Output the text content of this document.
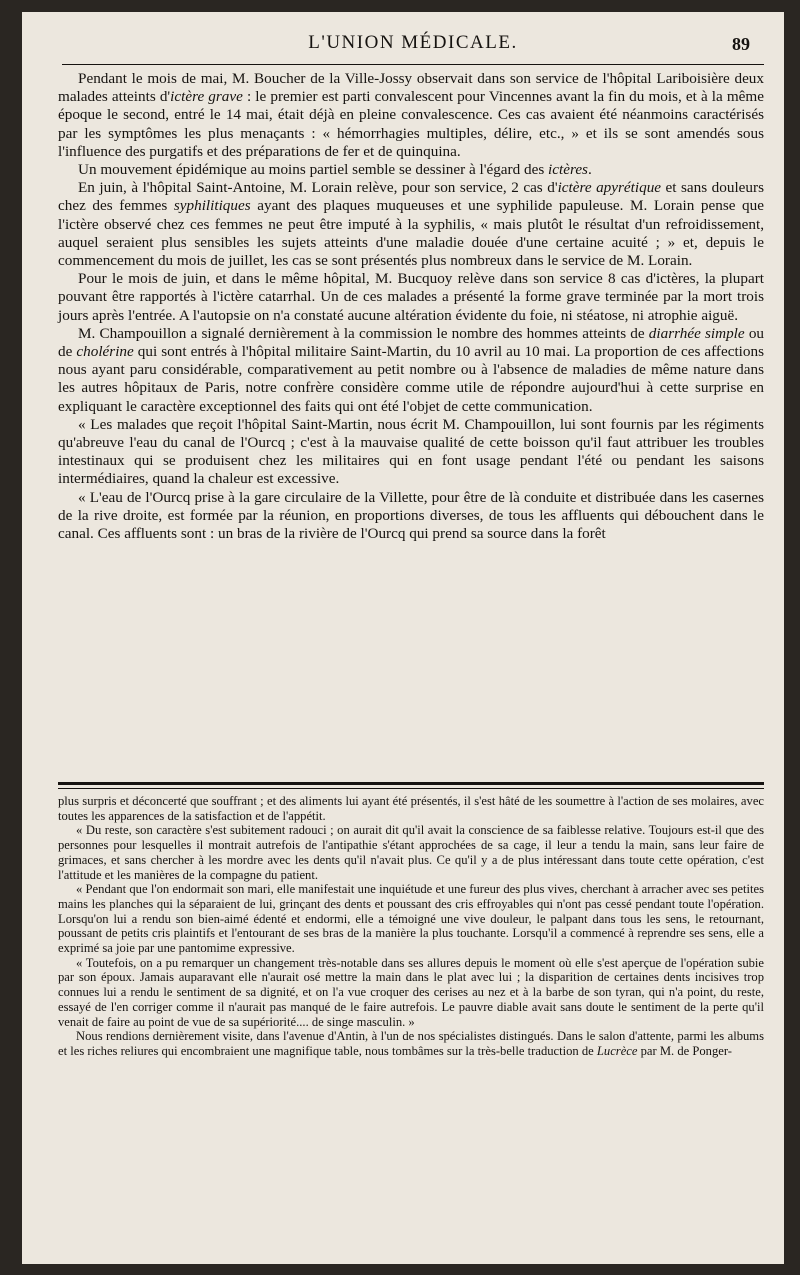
L'UNION MÉDICALE.	89

Pendant le mois de mai, M. Boucher de la Ville-Jossy observait dans son service de l'hôpital Lariboisière deux malades atteints d'ictère grave : le premier est parti convalescent pour Vincennes avant la fin du mois, et à la même époque le second, entré le 14 mai, était déjà en pleine convalescence. Ces cas avaient été néanmoins caractérisés par les symptômes les plus menaçants : « hémorrhagies multiples, délire, etc., » et ils se sont amendés sous l'influence des purgatifs et des préparations de fer et de quinquina.

Un mouvement épidémique au moins partiel semble se dessiner à l'égard des ictères.

En juin, à l'hôpital Saint-Antoine, M. Lorain relève, pour son service, 2 cas d'ictère apyrétique et sans douleurs chez des femmes syphilitiques ayant des plaques muqueuses et une syphilide papuleuse. M. Lorain pense que l'ictère observé chez ces femmes ne peut être imputé à la syphilis, « mais plutôt le résultat d'un refroidissement, auquel seraient plus sensibles les sujets atteints d'une maladie douée d'une certaine acuité ; » et, depuis le commencement du mois de juillet, les cas se sont présentés plus nombreux dans le service de M. Lorain.

Pour le mois de juin, et dans le même hôpital, M. Bucquoy relève dans son service 8 cas d'ictères, la plupart pouvant être rapportés à l'ictère catarrhal. Un de ces malades a présenté la forme grave terminée par la mort trois jours après l'entrée. A l'autopsie on n'a constaté aucune altération évidente du foie, ni stéatose, ni atrophie aiguë.

M. Champouillon a signalé dernièrement à la commission le nombre des hommes atteints de diarrhée simple ou de cholérine qui sont entrés à l'hôpital militaire Saint-Martin, du 10 avril au 10 mai. La proportion de ces affections nous ayant paru considérable, comparativement au petit nombre ou à l'absence de maladies de même nature dans les autres hôpitaux de Paris, notre confrère considère comme utile de répondre aujourd'hui à cette surprise en expliquant le caractère exceptionnel des faits qui ont été l'objet de cette communication.

« Les malades que reçoit l'hôpital Saint-Martin, nous écrit M. Champouillon, lui sont fournis par les régiments qu'abreuve l'eau du canal de l'Ourcq ; c'est à la mauvaise qualité de cette boisson qu'il faut attribuer les troubles intestinaux qui se produisent chez les militaires qui en font usage pendant l'été ou pendant les saisons intermédiaires, quand la chaleur est excessive.

« L'eau de l'Ourcq prise à la gare circulaire de la Villette, pour être de là conduite et distribuée dans les casernes de la rive droite, est formée par la réunion, en proportions diverses, de tous les affluents qui débouchent dans le canal. Ces affluents sont : un bras de la rivière de l'Ourcq qui prend sa source dans la forêt

plus surpris et déconcerté que souffrant ; et des aliments lui ayant été présentés, il s'est hâté de les soumettre à l'action de ses molaires, avec toutes les apparences de la satisfaction et de l'appétit.

« Du reste, son caractère s'est subitement radouci ; on aurait dit qu'il avait la conscience de sa faiblesse relative. Toujours est-il que des personnes pour lesquelles il montrait autrefois de l'antipathie s'étant approchées de sa cage, il leur a tendu la main, sans leur faire de grimaces, et sans chercher à les mordre avec les dents qu'il n'avait plus. Ce qu'il y a de plus intéressant dans toute cette opération, c'est l'attitude et les manières de la compagne du patient.

« Pendant que l'on endormait son mari, elle manifestait une inquiétude et une fureur des plus vives, cherchant à arracher avec ses petites mains les planches qui la séparaient de lui, grinçant des dents et poussant des cris effroyables qui n'ont pas cessé pendant toute l'opération. Lorsqu'on lui a rendu son bien-aimé édenté et endormi, elle a témoigné une vive douleur, le palpant dans tous les sens, le retournant, poussant de petits cris plaintifs et l'entourant de ses bras de la manière la plus touchante. Lorsqu'il a commencé à reprendre ses sens, elle a exprimé sa joie par une pantomime expressive.

« Toutefois, on a pu remarquer un changement très-notable dans ses allures depuis le moment où elle s'est aperçue de l'opération subie par son époux. Jamais auparavant elle n'aurait osé mettre la main dans le plat avec lui ; la disparition de certaines dents incisives trop connues lui a rendu le sentiment de sa dignité, et on l'a vue croquer des cerises au nez et à la barbe de son tyran, qui n'a point, du reste, essayé de l'en corriger comme il n'aurait pas manqué de le faire autrefois. Le pauvre diable avait sans doute le sentiment de la perte qu'il venait de faire au point de vue de sa supériorité.... de singe masculin. »

Nous rendions dernièrement visite, dans l'avenue d'Antin, à l'un de nos spécialistes distingués. Dans le salon d'attente, parmi les albums et les riches reliures qui encombraient une magnifique table, nous tombâmes sur la très-belle traduction de Lucrèce par M. de Ponger-
